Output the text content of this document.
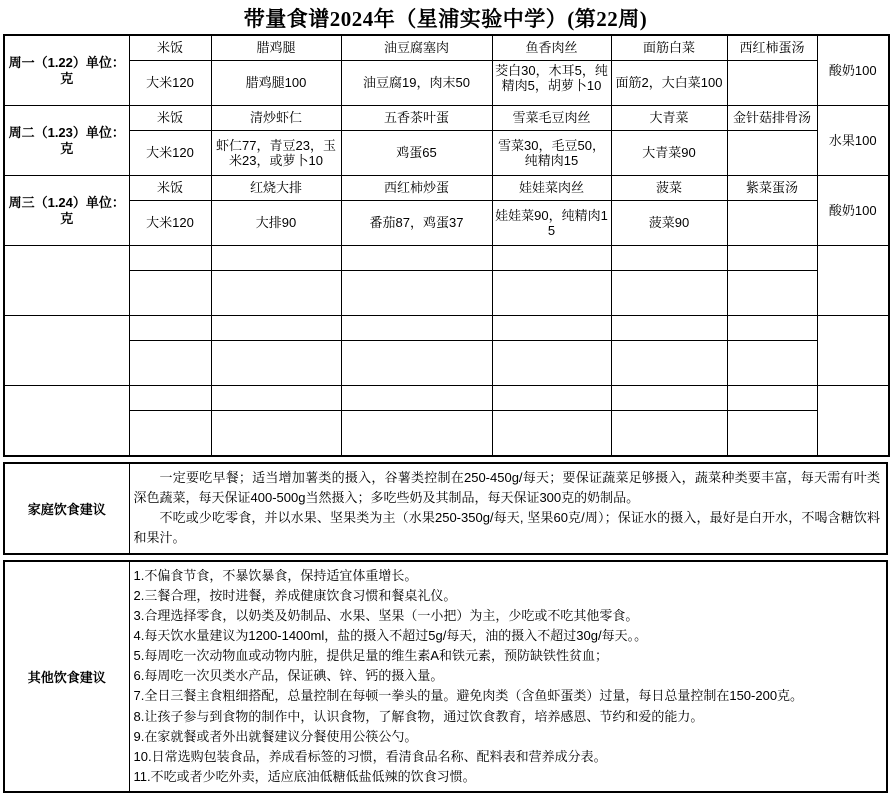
带量食谱2024年（星浦实验中学）(第22周)
周一（1.22）单位：克	米饭	腊鸡腿	油豆腐塞肉	鱼香肉丝	面筋白菜	西红柿蛋汤	酸奶100
	大米120	腊鸡腿100	油豆腐19，肉末50	茭白30，木耳5，纯精肉5，胡萝卜10	面筋2，大白菜100		
周二（1.23）单位：克	米饭	清炒虾仁	五香茶叶蛋	雪菜毛豆肉丝	大青菜	金针菇排骨汤	水果100
	大米120	虾仁77，青豆23，玉米23，或萝卜10	鸡蛋65	雪菜30，毛豆50，纯精肉15	大青菜90		
周三（1.24）单位：克	米饭	红烧大排	西红柿炒蛋	娃娃菜肉丝	菠菜	紫菜蛋汤	酸奶100
	大米120	大排90	番茄87，鸡蛋37	娃娃菜90，纯精肉15	菠菜90		

家庭饮食建议	

一定要吃早餐；适当增加薯类的摄入，谷薯类控制在250-450g/每天；要保证蔬菜足够摄入，蔬菜种类要丰富，每天需有叶类深色蔬菜，每天保证400-500g当然摄入；多吃些奶及其制品，每天保证300克的奶制品。

不吃或少吃零食，并以水果、坚果类为主（水果250-350g/每天, 坚果60克/周）；保证水的摄入，最好是白开水，不喝含糖饮料和果汁。

其他饮食建议	

1.不偏食节食，不暴饮暴食，保持适宜体重增长。

2.三餐合理，按时进餐，养成健康饮食习惯和餐桌礼仪。

3.合理选择零食，以奶类及奶制品、水果、坚果（一小把）为主，少吃或不吃其他零食。

4.每天饮水量建议为1200-1400ml，盐的摄入不超过5g/每天，油的摄入不超过30g/每天。。

5.每周吃一次动物血或动物内脏，提供足量的维生素A和铁元素，预防缺铁性贫血；

6.每周吃一次贝类水产品，保证碘、锌、钙的摄入量。

7.全日三餐主食粗细搭配，总量控制在每顿一拳头的量。避免肉类（含鱼虾蛋类）过量，每日总量控制在150-200克。

8.让孩子参与到食物的制作中，认识食物，了解食物，通过饮食教育，培养感恩、节约和爱的能力。

9.在家就餐或者外出就餐建议分餐使用公筷公勺。

10.日常选购包装食品，养成看标签的习惯，看清食品名称、配料表和营养成分表。

11.不吃或者少吃外卖，适应底油低糖低盐低辣的饮食习惯。
